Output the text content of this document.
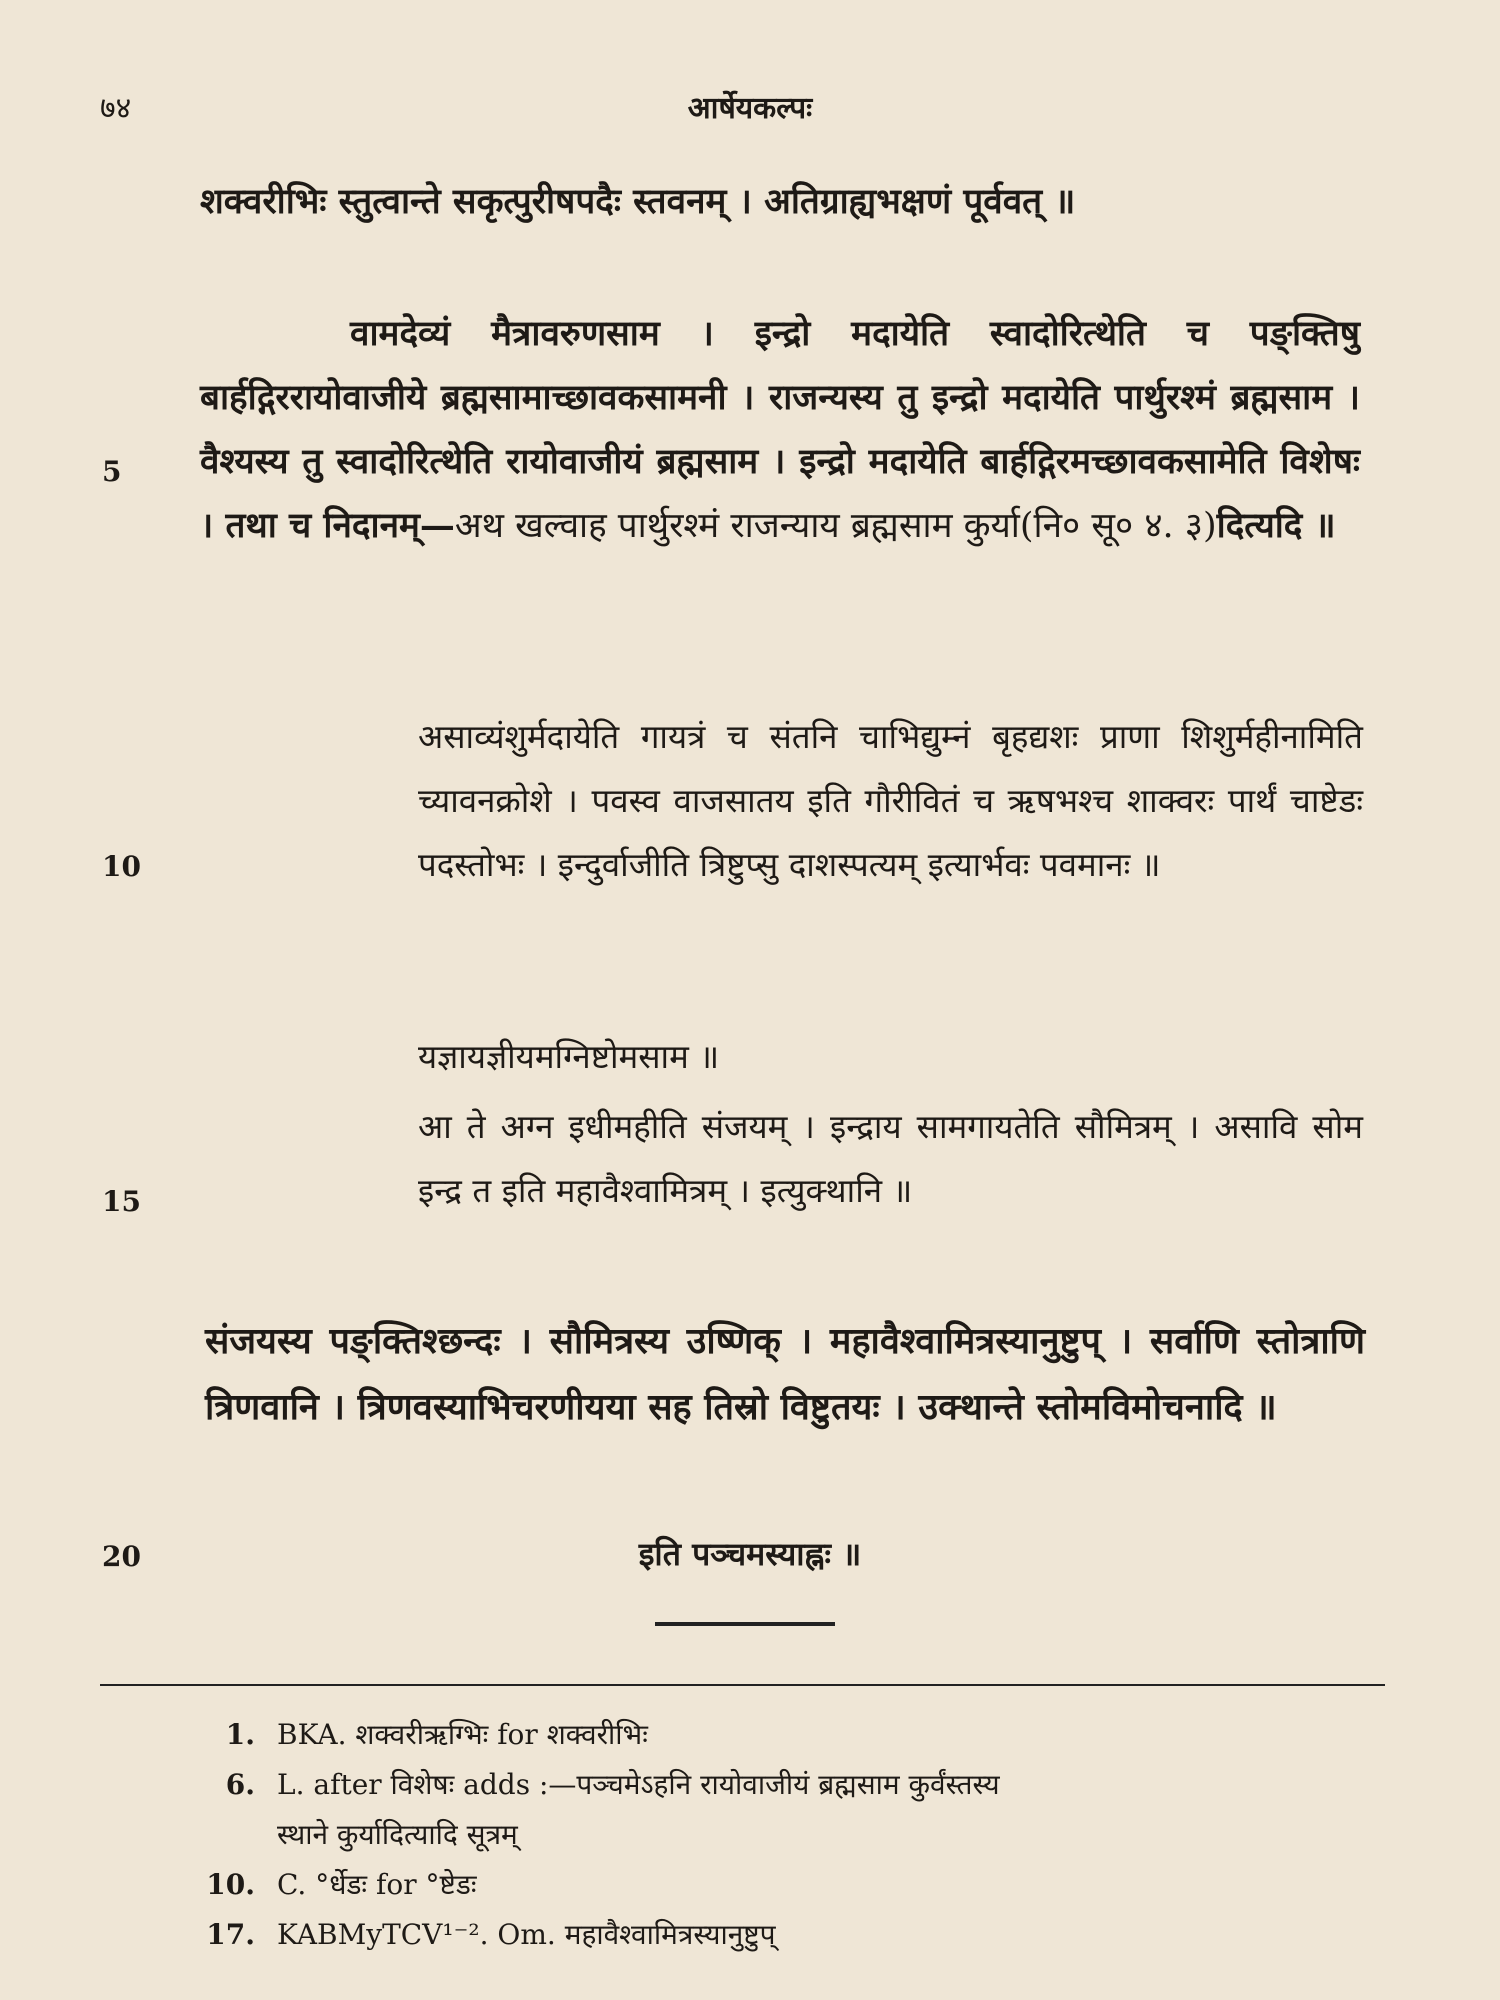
७४	आर्षेयकल्पः
5
10
15
20

शक्वरीभिः स्तुत्वान्ते सकृत्पुरीषपदैः स्तवनम् । अतिग्राह्यभक्षणं पूर्ववत् ॥

वामदेव्यं मैत्रावरुणसाम । इन्द्रो मदायेति स्वादोरित्थेति च पङ्क्तिषु बार्हद्गिररायोवाजीये ब्रह्मसामाच्छावकसामनी । राजन्यस्य तु इन्द्रो मदायेति पार्थुरश्मं ब्रह्मसाम । वैश्यस्य तु स्वादोरित्थेति रायोवाजीयं ब्रह्मसाम । इन्द्रो मदायेति बार्हद्गिरमच्छावकसामेति विशेषः । तथा च निदानम्—अथ खल्वाह पार्थुरश्मं राजन्याय ब्रह्मसाम कुर्या(नि० सू० ४. ३)दित्यदि ॥

असाव्यंशुर्मदायेति गायत्रं च संतनि चाभिद्युम्नं बृहद्यशः प्राणा शिशुर्महीनामिति च्यावनक्रोशे । पवस्व वाजसातय इति गौरीवितं च ऋषभश्च शाक्वरः पार्थं चाष्टेडः पदस्तोभः । इन्दुर्वाजीति त्रिष्टुप्सु दाशस्पत्यम् इत्यार्भवः पवमानः ॥

यज्ञायज्ञीयमग्निष्टोमसाम ॥

आ ते अग्न इधीमहीति संजयम् । इन्द्राय सामगायतेति सौमित्रम् । असावि सोम इन्द्र त इति महावैश्वामित्रम् । इत्युक्थानि ॥

संजयस्य पङ्क्तिश्छन्दः । सौमित्रस्य उष्णिक् । महावैश्वामित्रस्यानुष्टुप् । सर्वाणि स्तोत्राणि त्रिणवानि । त्रिणवस्याभिचरणीयया सह तिस्रो विष्टुतयः । उक्थान्ते स्तोमविमोचनादि ॥

इति पञ्चमस्याह्नः ॥
1. BKA. शक्वरीऋग्भिः for शक्वरीभिः
6. L. after विशेषः adds :—पञ्चमेऽहनि रायोवाजीयं ब्रह्मसाम कुर्वंस्तस्य
स्थाने कुर्यादित्यादि सूत्रम्
10. C. °र्धेडः for °ष्टेडः
17. KABMyTCV¹⁻². Om. महावैश्वामित्रस्यानुष्टुप्
